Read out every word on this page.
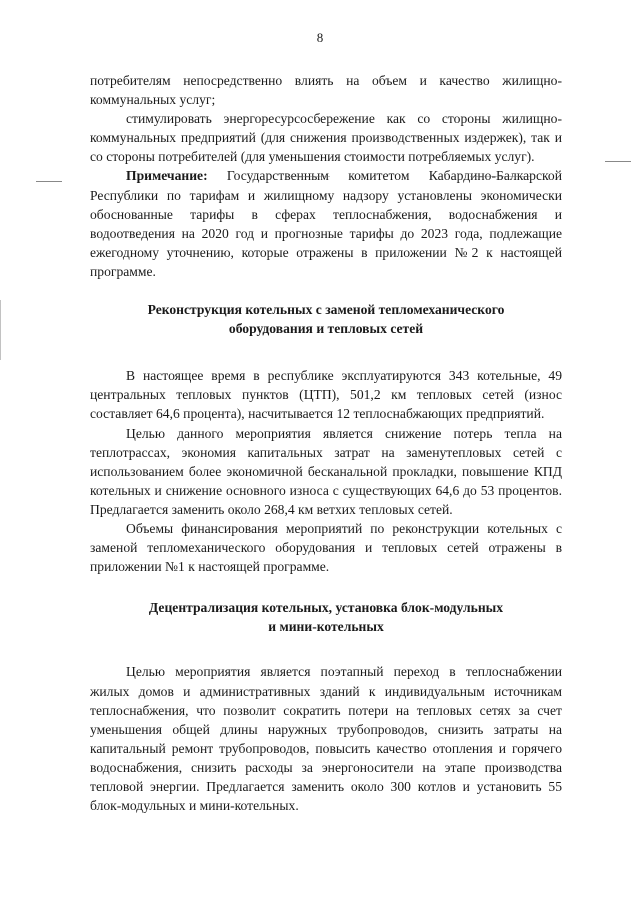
8

потребителям непосредственно влиять на объем и качество жилищно-коммунальных услуг;

стимулировать энергоресурсосбережение как со стороны жилищно-коммунальных предприятий (для снижения производственных издержек), так и со стороны потребителей (для уменьшения стоимости потребляемых услуг).

Примечание: Государственным комитетом Кабардино-Балкарской Республики по тарифам и жилищному надзору установлены экономически обоснованные тарифы в сферах теплоснабжения, водоснабжения и водоотведения на 2020 год и прогнозные тарифы до 2023 года, подлежащие ежегодному уточнению, которые отражены в приложении №2 к настоящей программе.

Реконструкция котельных с заменой тепломеханического
оборудования и тепловых сетей

В настоящее время в республике эксплуатируются 343 котельные, 49 центральных тепловых пунктов (ЦТП), 501,2 км тепловых сетей (износ составляет 64,6 процента), насчитывается 12 теплоснабжающих предприятий.

Целью данного мероприятия является снижение потерь тепла на теплотрассах, экономия капитальных затрат на заменутепловых сетей с использованием более экономичной бесканальной прокладки, повышение КПД котельных и снижение основного износа с существующих 64,6 до 53 процентов. Предлагается заменить около 268,4 км ветхих тепловых сетей.

Объемы финансирования мероприятий по реконструкции котельных с заменой тепломеханического оборудования и тепловых сетей отражены в приложении №1 к настоящей программе.

Децентрализация котельных, установка блок-модульных
и мини-котельных

Целью мероприятия является поэтапный переход в теплоснабжении жилых домов и административных зданий к индивидуальным источникам теплоснабжения, что позволит сократить потери на тепловых сетях за счет уменьшения общей длины наружных трубопроводов, снизить затраты на капитальный ремонт трубопроводов, повысить качество отопления и горячего водоснабжения, снизить расходы за энергоносители на этапе производства тепловой энергии. Предлагается заменить около 300 котлов и установить 55 блок-модульных и мини-котельных.
